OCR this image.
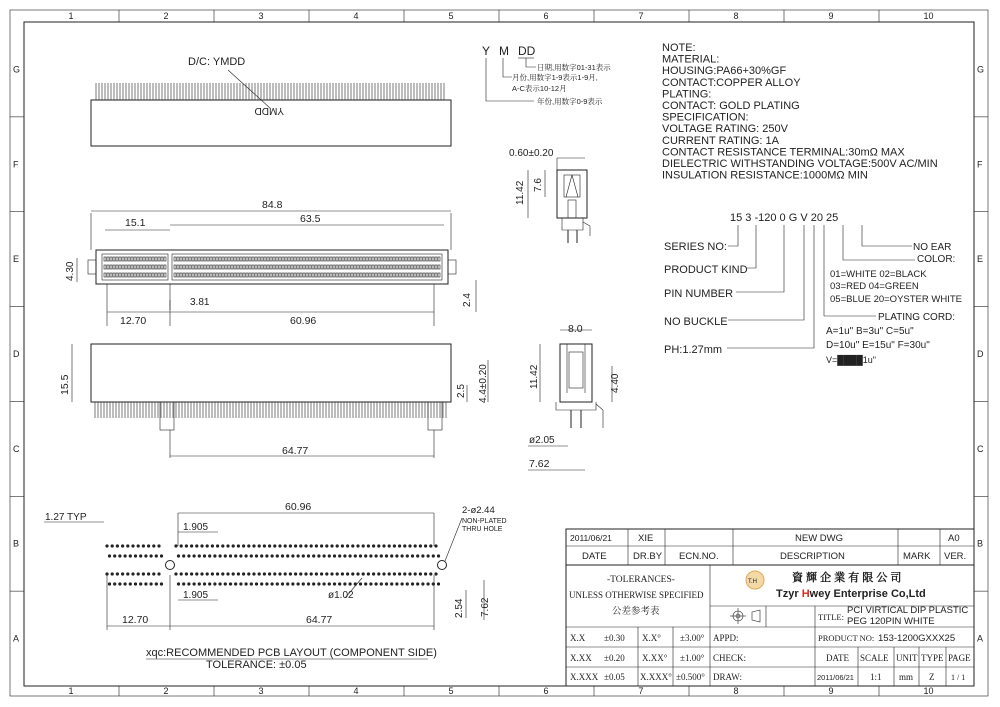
1
1
2
2
3
3
4
4
5
5
6
6
7
7
8
8
9
9
10
10
G	G
F	F
E	E
D	D
C	C
B	B
A	A
D/C: YMDD
YMDD
Y M DD
日期,用数字01-31表示
月份,用数字1-9表示1-9月,
A-C表示10-12月
年份,用数字0-9表示
NOTE:
MATERIAL:
HOUSING:PA66+30%GF
CONTACT:COPPER ALLOY
PLATING:
CONTACT: GOLD PLATING
SPECIFICATION:
VOLTAGE RATING: 250V
CURRENT RATING: 1A
CONTACT RESISTANCE TERMINAL:30mΩ MAX
DIELECTRIC WITHSTANDING VOLTAGE:500V AC/MIN
INSULATION RESISTANCE:1000MΩ MIN
0.60±0.20
11.42 7.6
15 3 -120 0 G V 20 25
SERIES NO:
PRODUCT KIND
PIN NUMBER
NO BUCKLE
PH:1.27mm
NO EAR
COLOR:
01=WHITE 02=BLACK
03=RED 04=GREEN
05=BLUE 20=OYSTER WHITE
PLATING CORD:
A=1u" B=3u" C=5u"
D=10u" E=15u" F=30u"
V=████1u"
84.8
15.1	63.5
4.30
3.81
12.70	60.96
2.4
15.5	2.5 4.4±0.20
64.77
8.0
11.42	4.40
ø2.05
7.62
1.27 TYP
60.96
1.905
1.905
2-ø2.44
NON-PLATED
THRU HOLE
ø1.02
12.70	64.77
2.54 7.62
xqc:RECOMMENDED PCB LAYOUT (COMPONENT SIDE)
TOLERANCE: ±0.05
2011/06/21	XIE	NEW DWG	A0
DATE	DR.BY ECN.NO.	DESCRIPTION	MARK VER.
-TOLERANCES-
UNLESS OTHERWISE SPECIFIED
公差参考表
T.H	資 輝 企 業 有 限 公 司
Tzyr Hwey Enterprise Co,Ltd
TITLE:
PCI VIRTICAL DIP PLASTIC
PEG 120PIN WHITE
X.X ±0.30 X.X° ±3.00°
X.XX ±0.20 X.XX° ±1.00°
X.XXX ±0.05 X.XXX° ±0.500°
APPD:
CHECK:
DRAW:
PRODUCT NO: 153-1200GXXX25
DATE SCALE UNIT TYPE PAGE
2011/06/21 1:1 mm Z 1 / 1
